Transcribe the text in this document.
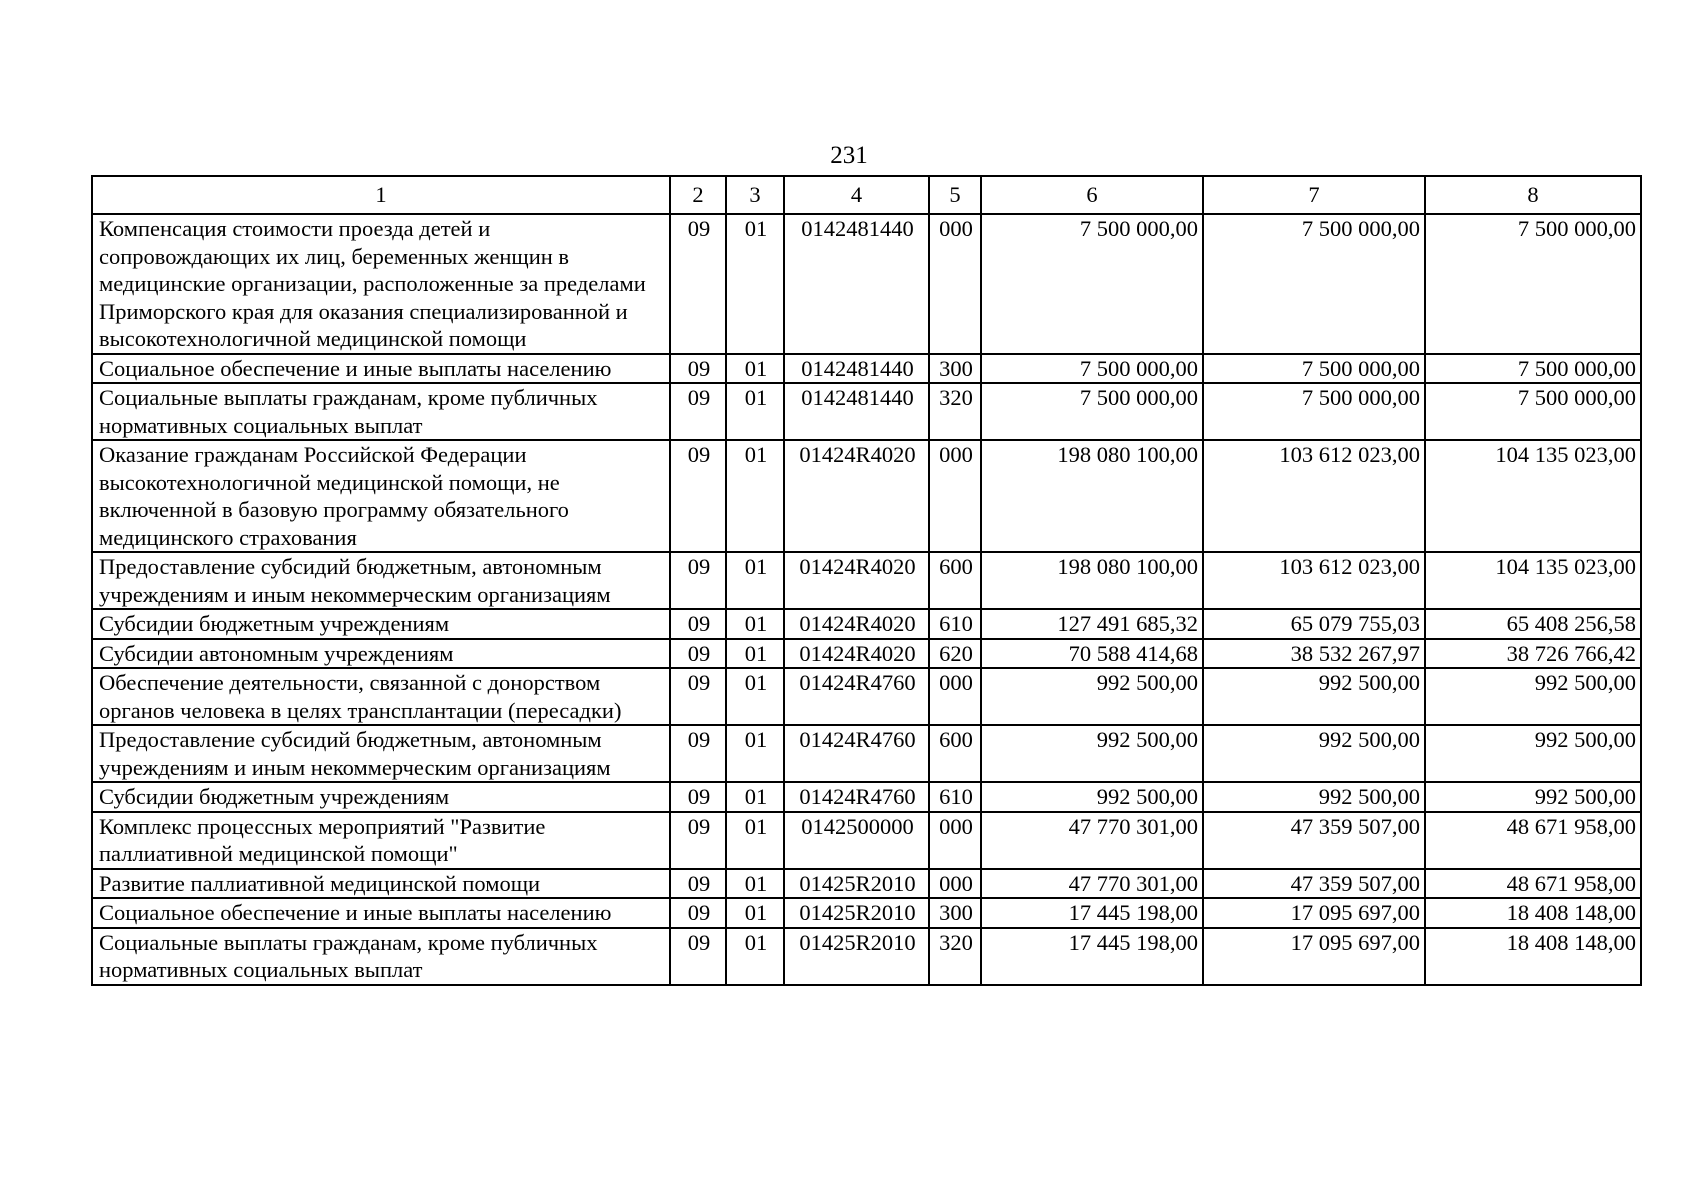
231
1	2	3	4	5	6	7	8
Компенсация стоимости проезда детей и сопровождающих их лиц, беременных женщин в медицинские организации, расположенные за пределами Приморского края для оказания специализированной и высокотехнологичной медицинской помощи	09	01	0142481440	000	7 500 000,00	7 500 000,00	7 500 000,00
Социальное обеспечение и иные выплаты населению	09	01	0142481440	300	7 500 000,00	7 500 000,00	7 500 000,00
Социальные выплаты гражданам, кроме публичных нормативных социальных выплат	09	01	0142481440	320	7 500 000,00	7 500 000,00	7 500 000,00
Оказание гражданам Российской Федерации высокотехнологичной медицинской помощи, не включенной в базовую программу обязательного медицинского страхования	09	01	01424R4020	000	198 080 100,00	103 612 023,00	104 135 023,00
Предоставление субсидий бюджетным, автономным учреждениям и иным некоммерческим организациям	09	01	01424R4020	600	198 080 100,00	103 612 023,00	104 135 023,00
Субсидии бюджетным учреждениям	09	01	01424R4020	610	127 491 685,32	65 079 755,03	65 408 256,58
Субсидии автономным учреждениям	09	01	01424R4020	620	70 588 414,68	38 532 267,97	38 726 766,42
Обеспечение деятельности, связанной с донорством органов человека в целях трансплантации (пересадки)	09	01	01424R4760	000	992 500,00	992 500,00	992 500,00
Предоставление субсидий бюджетным, автономным учреждениям и иным некоммерческим организациям	09	01	01424R4760	600	992 500,00	992 500,00	992 500,00
Субсидии бюджетным учреждениям	09	01	01424R4760	610	992 500,00	992 500,00	992 500,00
Комплекс процессных мероприятий "Развитие паллиативной медицинской помощи"	09	01	0142500000	000	47 770 301,00	47 359 507,00	48 671 958,00
Развитие паллиативной медицинской помощи	09	01	01425R2010	000	47 770 301,00	47 359 507,00	48 671 958,00
Социальное обеспечение и иные выплаты населению	09	01	01425R2010	300	17 445 198,00	17 095 697,00	18 408 148,00
Социальные выплаты гражданам, кроме публичных нормативных социальных выплат	09	01	01425R2010	320	17 445 198,00	17 095 697,00	18 408 148,00
